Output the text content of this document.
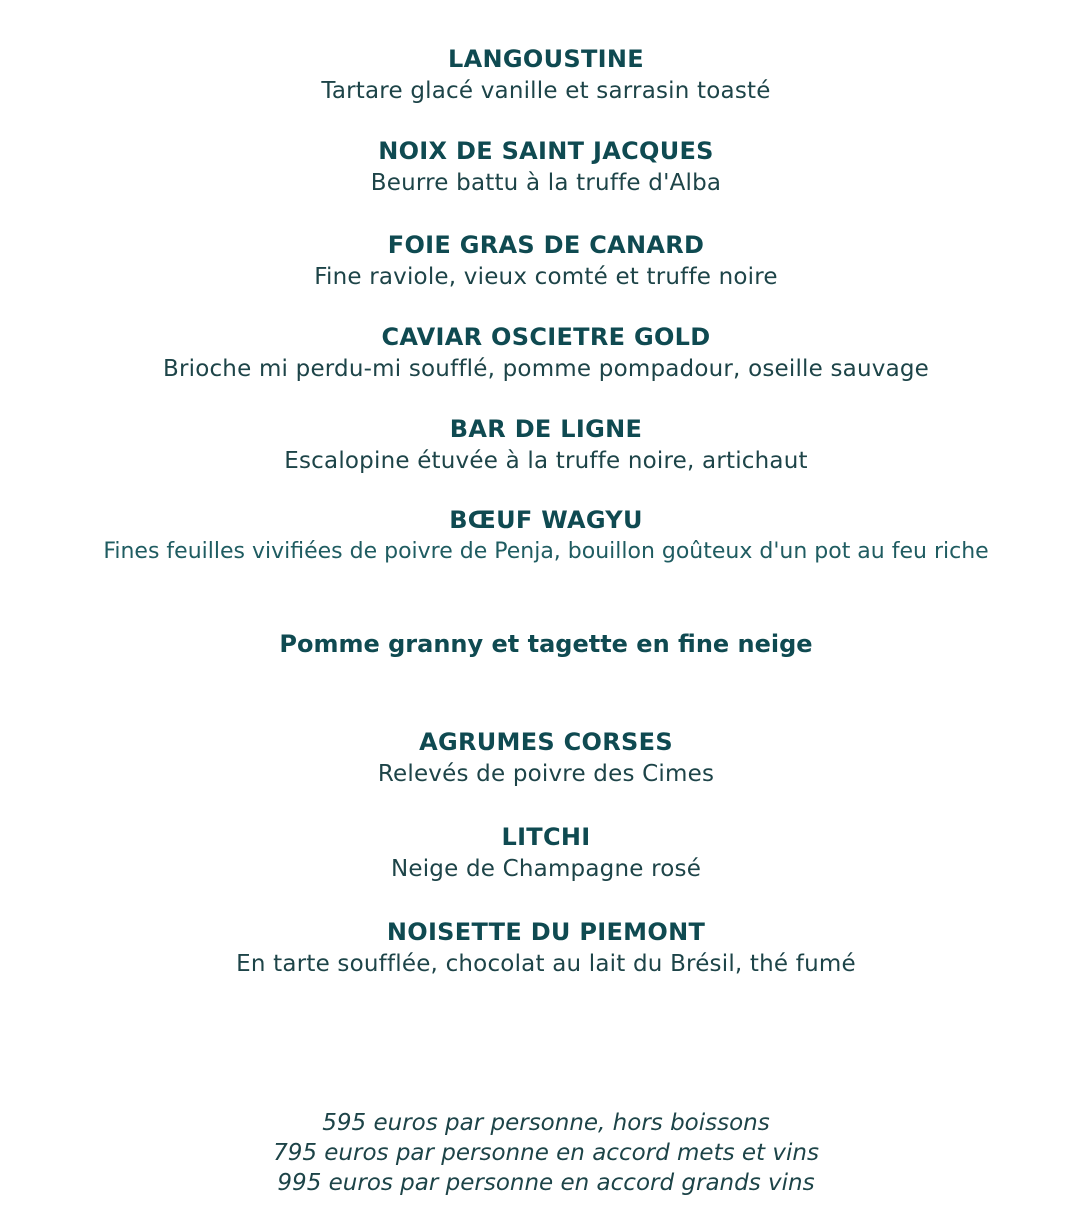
LANGOUSTINE
Tartare glacé vanille et sarrasin toasté
NOIX DE SAINT JACQUES
Beurre battu à la truffe d'Alba
FOIE GRAS DE CANARD
Fine raviole, vieux comté et truffe noire
CAVIAR OSCIETRE GOLD
Brioche mi perdu-mi soufflé, pomme pompadour, oseille sauvage
BAR DE LIGNE
Escalopine étuvée à la truffe noire, artichaut
BŒUF WAGYU
Fines feuilles vivifiées de poivre de Penja, bouillon goûteux d'un pot au feu riche
Pomme granny et tagette en fine neige
AGRUMES CORSES
Relevés de poivre des Cimes
LITCHI
Neige de Champagne rosé
NOISETTE DU PIEMONT
En tarte soufflée, chocolat au lait du Brésil, thé fumé
595 euros par personne, hors boissons
795 euros par personne en accord mets et vins
995 euros par personne en accord grands vins
